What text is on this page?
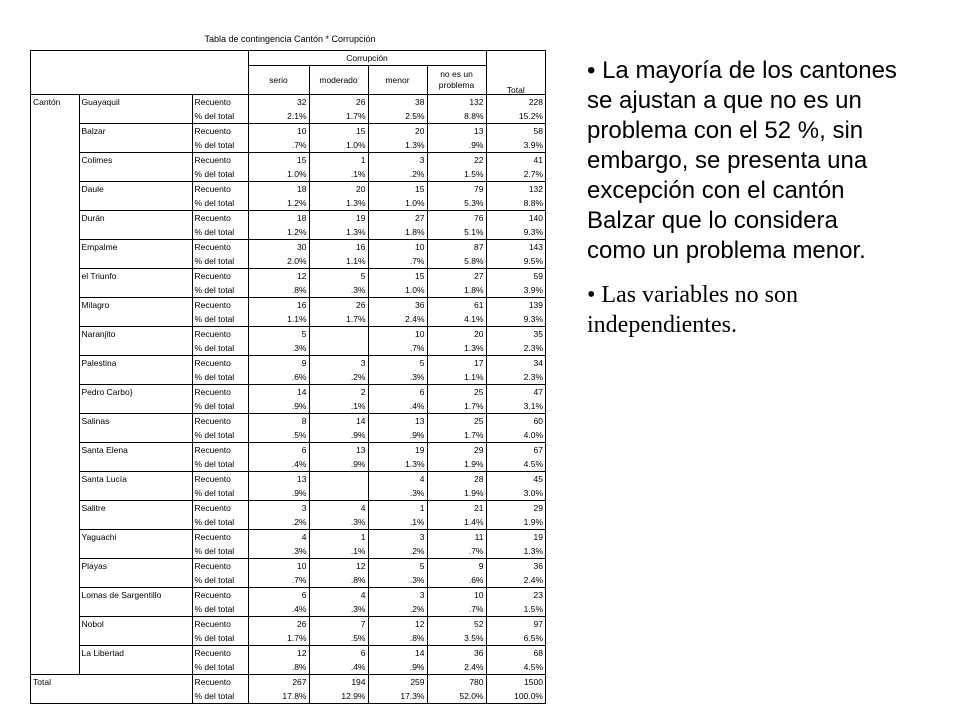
Tabla de contingencia Cantón * Corrupción
			Corrupción				
			serio	moderado	menor	no es un problema	Total
Cantón	Guayaquil	Recuento	32	26	38	132	228
		% del total	2.1%	1.7%	2.5%	8.8%	15.2%
	Balzar	Recuento	10	15	20	13	58
		% del total	.7%	1.0%	1.3%	.9%	3.9%
	Colimes	Recuento	15	1	3	22	41
		% del total	1.0%	.1%	.2%	1.5%	2.7%
	Daule	Recuento	18	20	15	79	132
		% del total	1.2%	1.3%	1.0%	5.3%	8.8%
	Durán	Recuento	18	19	27	76	140
		% del total	1.2%	1.3%	1.8%	5.1%	9.3%
	Empalme	Recuento	30	16	10	87	143
		% del total	2.0%	1.1%	.7%	5.8%	9.5%
	el Triunfo	Recuento	12	5	15	27	59
		% del total	.8%	.3%	1.0%	1.8%	3.9%
	Milagro	Recuento	16	26	36	61	139
		% del total	1.1%	1.7%	2.4%	4.1%	9.3%
	Naranjito	Recuento	5		10	20	35
		% del total	.3%		.7%	1.3%	2.3%
	Palestina	Recuento	9	3	5	17	34
		% del total	.6%	.2%	.3%	1.1%	2.3%
	Pedro Carbo}	Recuento	14	2	6	25	47
		% del total	.9%	.1%	.4%	1.7%	3.1%
	Salinas	Recuento	8	14	13	25	60
		% del total	.5%	.9%	.9%	1.7%	4.0%
	Santa Elena	Recuento	6	13	19	29	67
		% del total	.4%	.9%	1.3%	1.9%	4.5%
	Santa Lucía	Recuento	13		4	28	45
		% del total	.9%		.3%	1.9%	3.0%
	Salitre	Recuento	3	4	1	21	29
		% del total	.2%	.3%	.1%	1.4%	1.9%
	Yaguachi	Recuento	4	1	3	11	19
		% del total	.3%	.1%	.2%	.7%	1.3%
	Playas	Recuento	10	12	5	9	36
		% del total	.7%	.8%	.3%	.6%	2.4%
	Lomas de Sargentillo	Recuento	6	4	3	10	23
		% del total	.4%	.3%	.2%	.7%	1.5%
	Nobol	Recuento	26	7	12	52	97
		% del total	1.7%	.5%	.8%	3.5%	6.5%
	La Libertad	Recuento	12	6	14	36	68
		% del total	.8%	.4%	.9%	2.4%	4.5%
Total		Recuento	267	194	259	780	1500
		% del total	17.8%	12.9%	17.3%	52.0%	100.0%

• La mayoría de los cantones se ajustan a que no es un problema con el 52 %, sin embargo, se presenta una excepción con el cantón Balzar que lo considera como un problema menor.

• Las variables no son independientes.
